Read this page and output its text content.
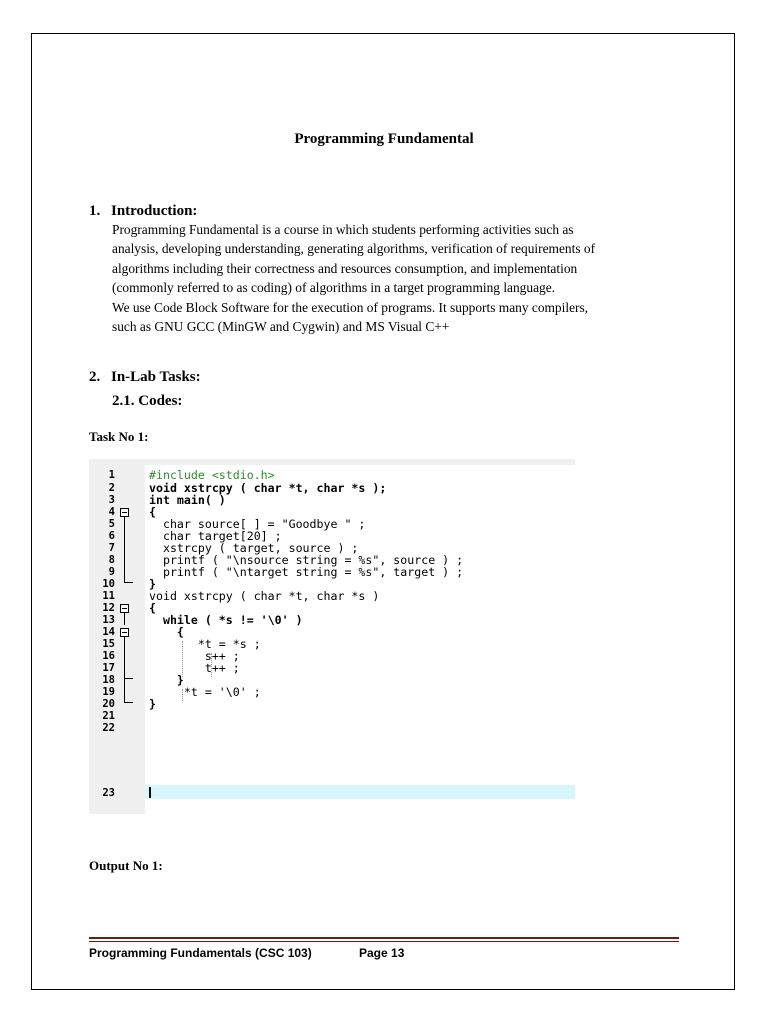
Programming Fundamental
1. Introduction:
Programming Fundamental is a course in which students performing activities such as
analysis, developing understanding, generating algorithms, verification of requirements of
algorithms including their correctness and resources consumption, and implementation
(commonly referred to as coding) of algorithms in a target programming language.
We use Code Block Software for the execution of programs. It supports many compilers,
such as GNU GCC (MinGW and Cygwin) and MS Visual C++
2. In-Lab Tasks:
2.1. Codes:
Task No 1:
1
2
3
4
5
6
7
8
9
10
11
12
13
14
15
16
17
18
19
20
21
22
23
#include <stdio.h>
void xstrcpy ( char *t, char *s );
int main( )
{
char source[ ] = "Goodbye " ;
char target[20] ;
xstrcpy ( target, source ) ;
printf ( "\nsource string = %s", source ) ;
printf ( "\ntarget string = %s", target ) ;
}
void xstrcpy ( char *t, char *s )
{
while ( *s != '\0' )
{
*t = *s ;
s++ ;
t++ ;
}
*t = '\0' ;
}
Output No 1:
Programming Fundamentals (CSC 103)	Page 13
